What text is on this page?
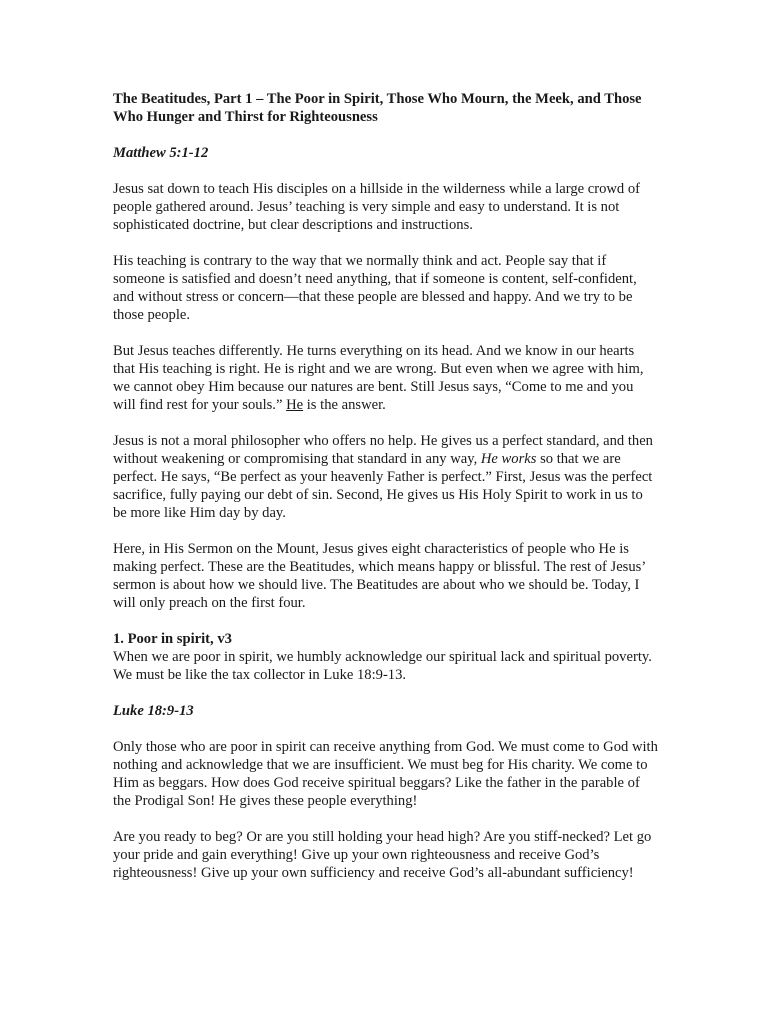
The Beatitudes, Part 1 – The Poor in Spirit, Those Who Mourn, the Meek, and Those Who Hunger and Thirst for Righteousness
Matthew 5:1-12

Jesus sat down to teach His disciples on a hillside in the wilderness while a large crowd of people gathered around. Jesus’ teaching is very simple and easy to understand. It is not sophisticated doctrine, but clear descriptions and instructions.

His teaching is contrary to the way that we normally think and act. People say that if someone is satisfied and doesn’t need anything, that if someone is content, self-confident, and without stress or concern—that these people are blessed and happy. And we try to be those people.

But Jesus teaches differently. He turns everything on its head. And we know in our hearts that His teaching is right. He is right and we are wrong. But even when we agree with him, we cannot obey Him because our natures are bent. Still Jesus says, “Come to me and you will find rest for your souls.” He is the answer.

Jesus is not a moral philosopher who offers no help. He gives us a perfect standard, and then without weakening or compromising that standard in any way, He works so that we are perfect. He says, “Be perfect as your heavenly Father is perfect.” First, Jesus was the perfect sacrifice, fully paying our debt of sin. Second, He gives us His Holy Spirit to work in us to be more like Him day by day.

Here, in His Sermon on the Mount, Jesus gives eight characteristics of people who He is making perfect. These are the Beatitudes, which means happy or blissful. The rest of Jesus’ sermon is about how we should live. The Beatitudes are about who we should be. Today, I will only preach on the first four.

1. Poor in spirit, v3

When we are poor in spirit, we humbly acknowledge our spiritual lack and spiritual poverty. We must be like the tax collector in Luke 18:9-13.

Luke 18:9-13

Only those who are poor in spirit can receive anything from God. We must come to God with nothing and acknowledge that we are insufficient. We must beg for His charity. We come to Him as beggars. How does God receive spiritual beggars? Like the father in the parable of the Prodigal Son! He gives these people everything!

Are you ready to beg? Or are you still holding your head high? Are you stiff-necked? Let go your pride and gain everything! Give up your own righteousness and receive God’s righteousness! Give up your own sufficiency and receive God’s all-abundant sufficiency!
